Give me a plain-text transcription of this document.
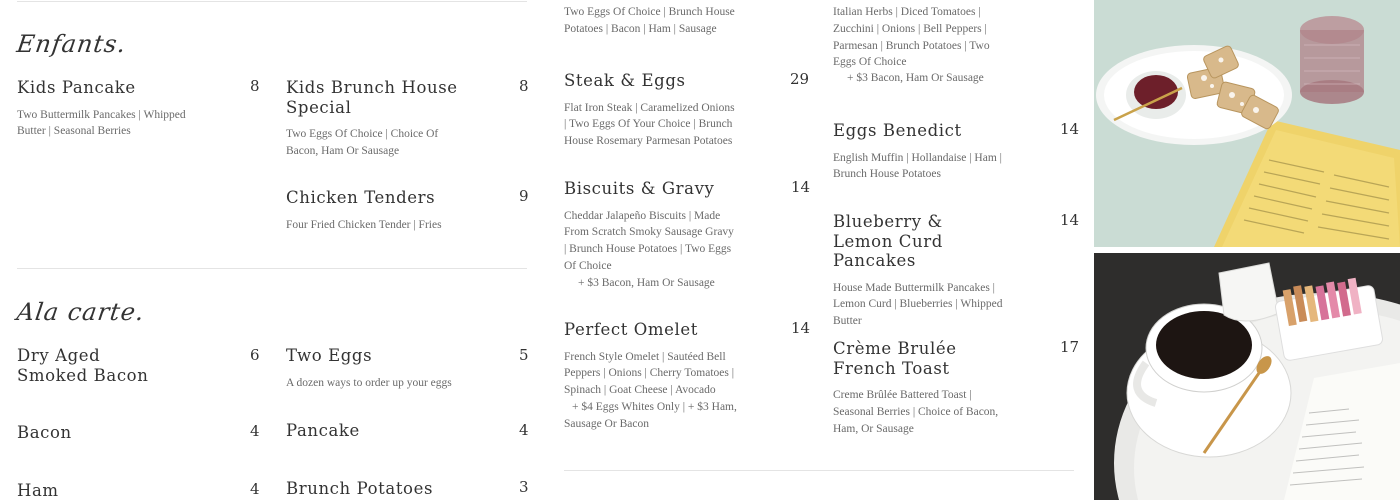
Enfants.
Kids Pancake
Two Buttermilk Pancakes | Whipped Butter | Seasonal Berries
8 Kids Brunch House Special
Two Eggs Of Choice | Choice Of Bacon, Ham Or Sausage
8
Chicken Tenders
Four Fried Chicken Tender | Fries
9
Ala carte.
Dry Aged Smoked Bacon
6 Two Eggs
A dozen ways to order up your eggs
5
Bacon	4 Pancake	4
Ham	4 Brunch Potatoes	3
Two Eggs Of Choice | Brunch House Potatoes | Bacon | Ham | Sausage
Steak & Eggs
Flat Iron Steak | Caramelized Onions | Two Eggs Of Your Choice | Brunch House Rosemary Parmesan Potatoes
29
Biscuits & Gravy
Cheddar Jalapeño Biscuits | Made From Scratch Smoky Sausage Gravy | Brunch House Potatoes | Two Eggs Of Choice
+ $3 Bacon, Ham Or Sausage
14
Perfect Omelet
French Style Omelet | Sautéed Bell Peppers | Onions | Cherry Tomatoes | Spinach | Goat Cheese | Avocado
+ $4 Eggs Whites Only | + $3 Ham, Sausage Or Bacon
14
Italian Herbs | Diced Tomatoes | Zucchini | Onions | Bell Peppers | Parmesan | Brunch Potatoes | Two Eggs Of Choice
+ $3 Bacon, Ham Or Sausage
Eggs Benedict
English Muffin | Hollandaise | Ham | Brunch House Potatoes
14
Blueberry & Lemon Curd Pancakes
House Made Buttermilk Pancakes | Lemon Curd | Blueberries | Whipped Butter
14
Crème Brulée French Toast
Creme Brûlée Battered Toast | Seasonal Berries | Choice of Bacon, Ham, Or Sausage
17
